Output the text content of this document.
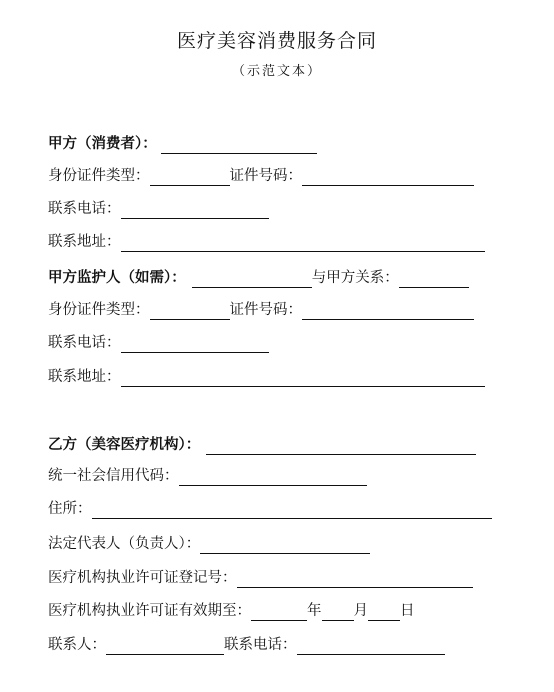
医疗美容消费服务合同
（示范文本）
甲方（消费者）：
身份证件类型：	证件号码：
联系电话：
联系地址：
甲方监护人（如需）：	与甲方关系：
身份证件类型：	证件号码：
联系电话：
联系地址：
乙方（美容医疗机构）：
统一社会信用代码：
住所：
法定代表人（负责人）：
医疗机构执业许可证登记号：
医疗机构执业许可证有效期至：	年 月 日
联系人：	联系电话：
